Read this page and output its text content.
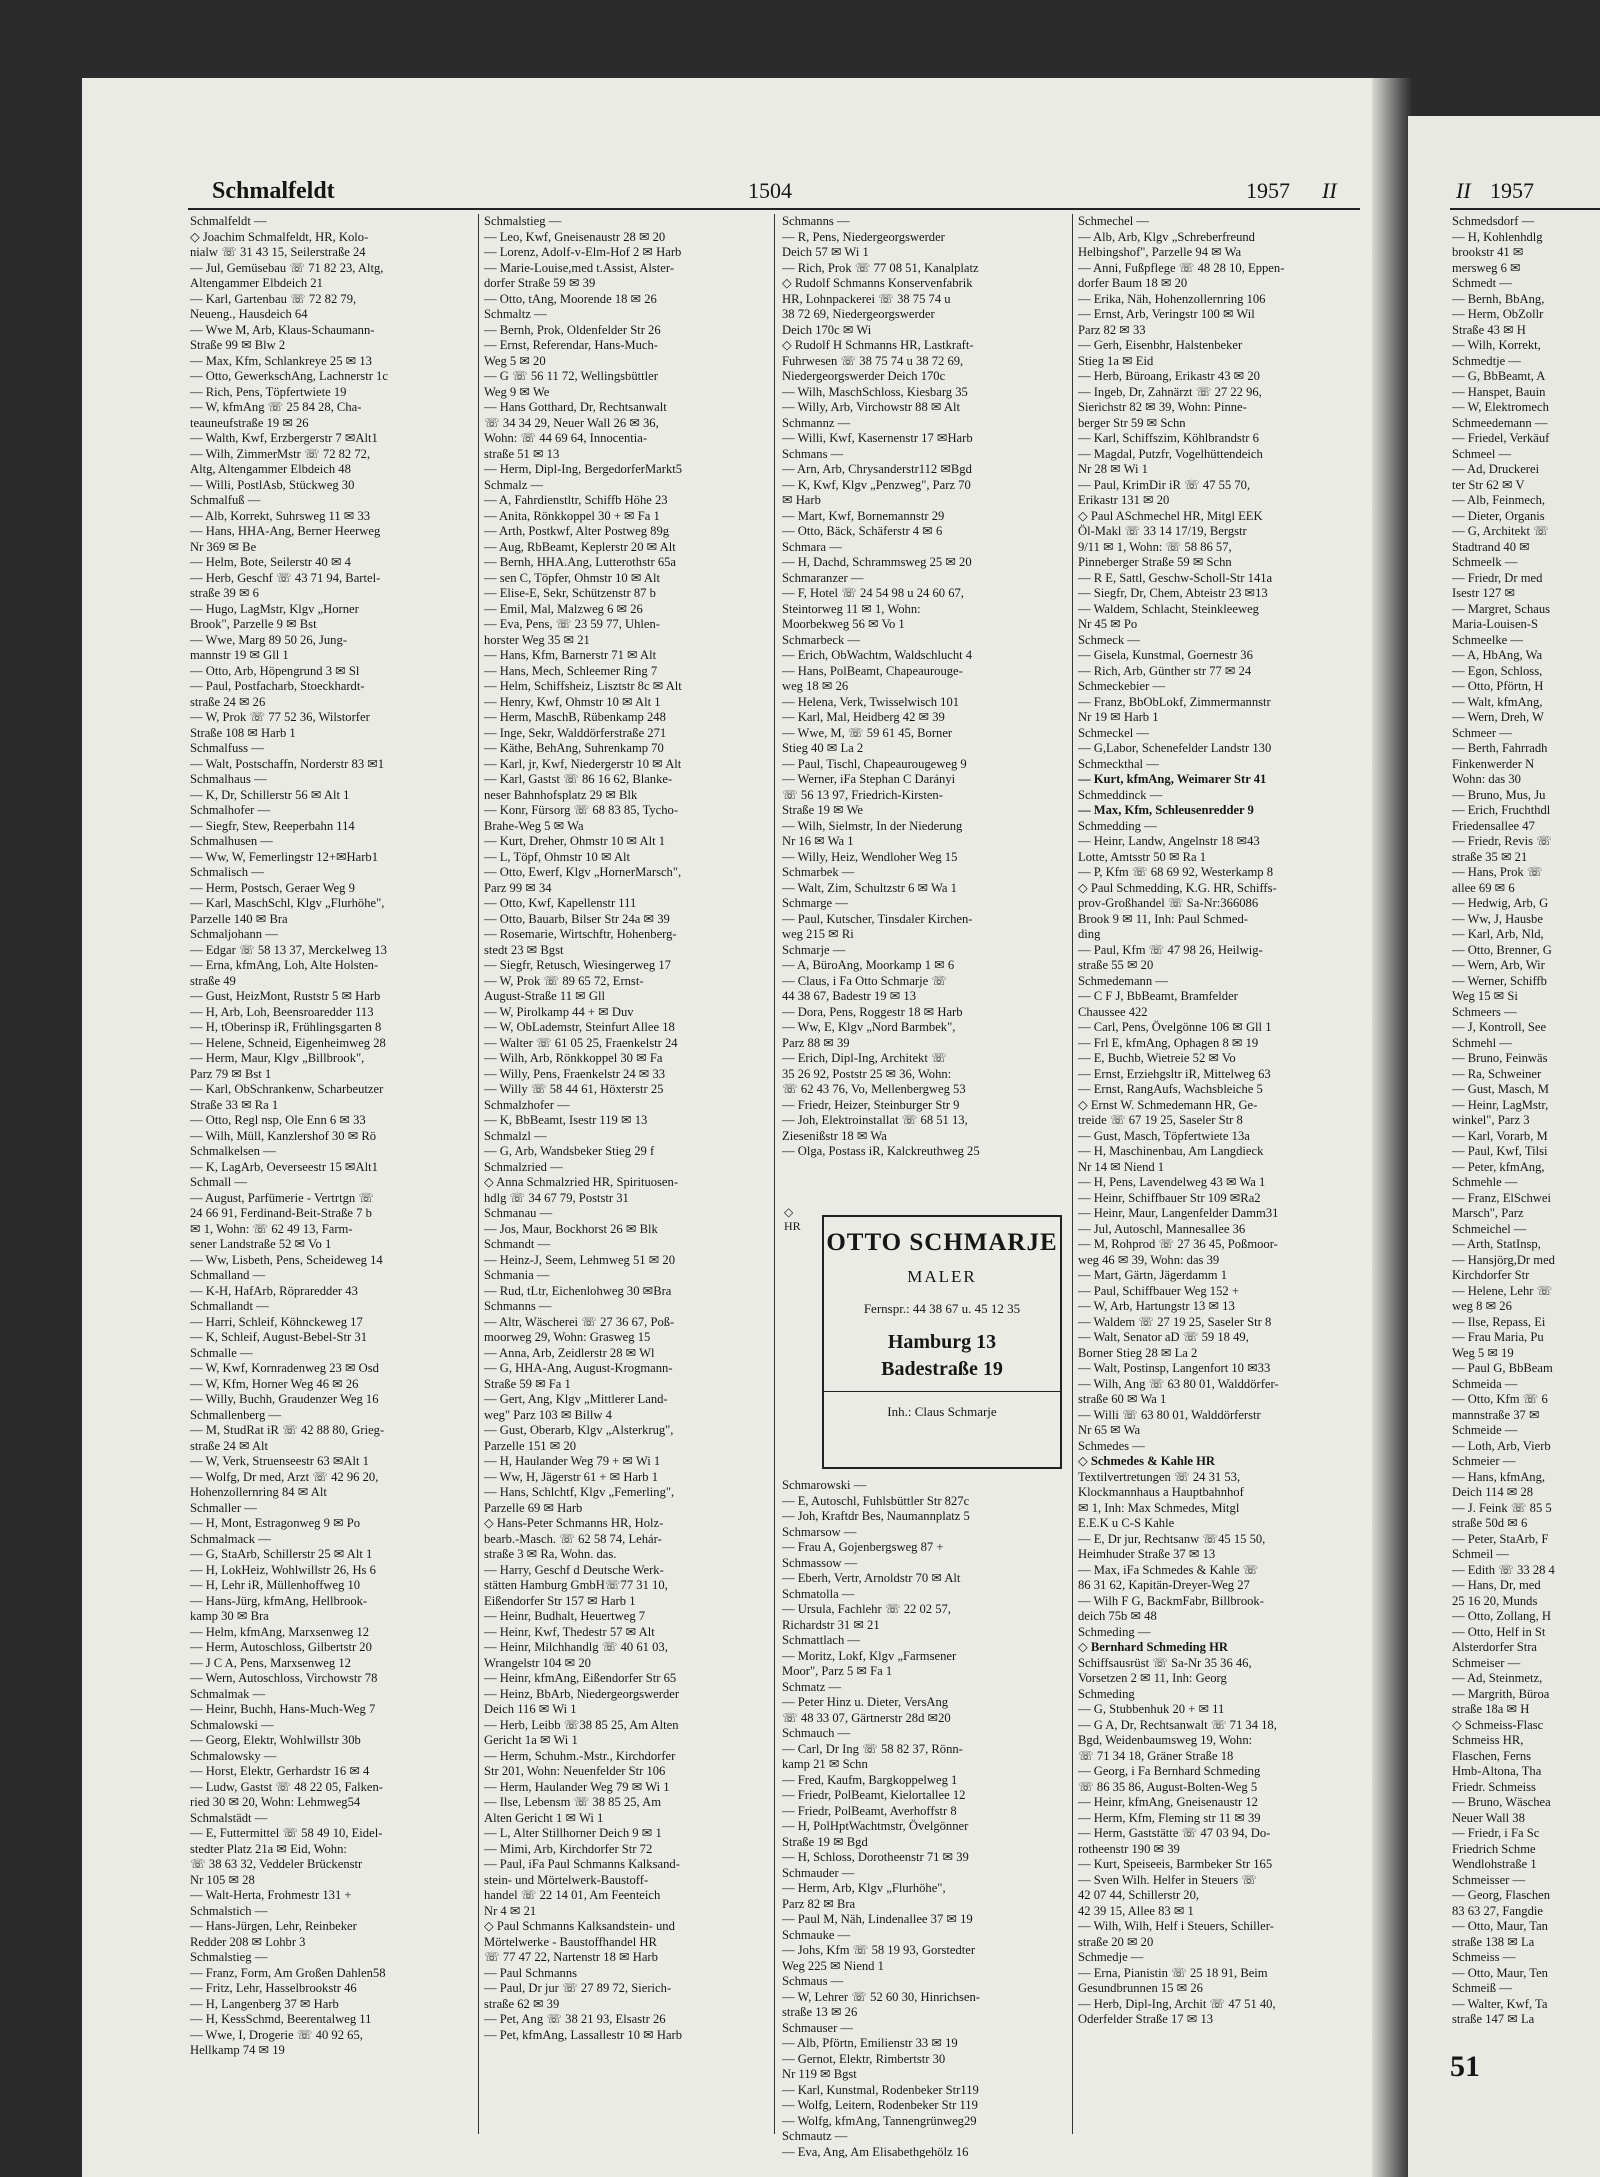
Schmalfeldt	1504	1957 II	II 1957
Schmalfeldt —
◇ Joachim Schmalfeldt, HR, Kolo-
nialw ☏ 31 43 15, Seilerstraße 24
— Jul, Gemüsebau ☏ 71 82 23, Altg,
Altengammer Elbdeich 21
— Karl, Gartenbau ☏ 72 82 79,
Neueng., Hausdeich 64
— Wwe M, Arb, Klaus-Schaumann-
Straße 99 ✉ Blw 2
— Max, Kfm, Schlankreye 25 ✉ 13
— Otto, GewerkschAng, Lachnerstr 1c
— Rich, Pens, Töpfertwiete 19
— W, kfmAng ☏ 25 84 28, Cha-
teauneufstraße 19 ✉ 26
— Walth, Kwf, Erzbergerstr 7 ✉Alt1
— Wilh, ZimmerMstr ☏ 72 82 72,
Altg, Altengammer Elbdeich 48
— Willi, PostlAsb, Stückweg 30
Schmalfuß —
— Alb, Korrekt, Suhrsweg 11 ✉ 33
— Hans, HHA-Ang, Berner Heerweg
Nr 369 ✉ Be
— Helm, Bote, Seilerstr 40 ✉ 4
— Herb, Geschf ☏ 43 71 94, Bartel-
straße 39 ✉ 6
— Hugo, LagMstr, Klgv „Horner
Brook", Parzelle 9 ✉ Bst
— Wwe, Marg 89 50 26, Jung-
mannstr 19 ✉ Gll 1
— Otto, Arb, Höpengrund 3 ✉ Sl
— Paul, Postfacharb, Stoeckhardt-
straße 24 ✉ 26
— W, Prok ☏ 77 52 36, Wilstorfer
Straße 108 ✉ Harb 1
Schmalfuss —
— Walt, Postschaffn, Norderstr 83 ✉1
Schmalhaus —
— K, Dr, Schillerstr 56 ✉ Alt 1
Schmalhofer —
— Siegfr, Stew, Reeperbahn 114
Schmalhusen —
— Ww, W, Femerlingstr 12+✉Harb1
Schmalisch —
— Herm, Postsch, Geraer Weg 9
— Karl, MaschSchl, Klgv „Flurhöhe",
Parzelle 140 ✉ Bra
Schmaljohann —
— Edgar ☏ 58 13 37, Merckelweg 13
— Erna, kfmAng, Loh, Alte Holsten-
straße 49
— Gust, HeizMont, Ruststr 5 ✉ Harb
— H, Arb, Loh, Beensroaredder 113
— H, tOberinsp iR, Frühlingsgarten 8
— Helene, Schneid, Eigenheimweg 28
— Herm, Maur, Klgv „Billbrook",
Parz 79 ✉ Bst 1
— Karl, ObSchrankenw, Scharbeutzer
Straße 33 ✉ Ra 1
— Otto, Regl nsp, Ole Enn 6 ✉ 33
— Wilh, Müll, Kanzlershof 30 ✉ Rö
Schmalkelsen —
— K, LagArb, Oeverseestr 15 ✉Alt1
Schmall —
— August, Parfümerie - Vertrtgn ☏
24 66 91, Ferdinand-Beit-Straße 7 b
✉ 1, Wohn: ☏ 62 49 13, Farm-
sener Landstraße 52 ✉ Vo 1
— Ww, Lisbeth, Pens, Scheideweg 14
Schmalland —
— K-H, HafArb, Röpraredder 43
Schmallandt —
— Harri, Schleif, Köhnckeweg 17
— K, Schleif, August-Bebel-Str 31
Schmalle —
— W, Kwf, Kornradenweg 23 ✉ Osd
— W, Kfm, Horner Weg 46 ✉ 26
— Willy, Buchh, Graudenzer Weg 16
Schmallenberg —
— M, StudRat iR ☏ 42 88 80, Grieg-
straße 24 ✉ Alt
— W, Verk, Struenseestr 63 ✉Alt 1
— Wolfg, Dr med, Arzt ☏ 42 96 20,
Hohenzollernring 84 ✉ Alt
Schmaller —
— H, Mont, Estragonweg 9 ✉ Po
Schmalmack —
— G, StaArb, Schillerstr 25 ✉ Alt 1
— H, LokHeiz, Wohlwillstr 26, Hs 6
— H, Lehr iR, Müllenhoffweg 10
— Hans-Jürg, kfmAng, Hellbrook-
kamp 30 ✉ Bra
— Helm, kfmAng, Marxsenweg 12
— Herm, Autoschloss, Gilbertstr 20
— J C A, Pens, Marxsenweg 12
— Wern, Autoschloss, Virchowstr 78
Schmalmak —
— Heinr, Buchh, Hans-Much-Weg 7
Schmalowski —
— Georg, Elektr, Wohlwillstr 30b
Schmalowsky —
— Horst, Elektr, Gerhardstr 16 ✉ 4
— Ludw, Gastst ☏ 48 22 05, Falken-
ried 30 ✉ 20, Wohn: Lehmweg54
Schmalstädt —
— E, Futtermittel ☏ 58 49 10, Eidel-
stedter Platz 21a ✉ Eid, Wohn:
☏ 38 63 32, Veddeler Brückenstr
Nr 105 ✉ 28
— Walt-Herta, Frohmestr 131 +
Schmalstich —
— Hans-Jürgen, Lehr, Reinbeker
Redder 208 ✉ Lohbr 3
Schmalstieg —
— Franz, Form, Am Großen Dahlen58
— Fritz, Lehr, Hasselbrookstr 46
— H, Langenberg 37 ✉ Harb
— H, KessSchmd, Beerentalweg 11
— Wwe, I, Drogerie ☏ 40 92 65,
Hellkamp 74 ✉ 19
Schmalstieg —
— Leo, Kwf, Gneisenaustr 28 ✉ 20
— Lorenz, Adolf-v-Elm-Hof 2 ✉ Harb
— Marie-Louise,med t.Assist, Alster-
dorfer Straße 59 ✉ 39
— Otto, tAng, Moorende 18 ✉ 26
Schmaltz —
— Bernh, Prok, Oldenfelder Str 26
— Ernst, Referendar, Hans-Much-
Weg 5 ✉ 20
— G ☏ 56 11 72, Wellingsbüttler
Weg 9 ✉ We
— Hans Gotthard, Dr, Rechtsanwalt
☏ 34 34 29, Neuer Wall 26 ✉ 36,
Wohn: ☏ 44 69 64, Innocentia-
straße 51 ✉ 13
— Herm, Dipl-Ing, BergedorferMarkt5
Schmalz —
— A, Fahrdienstltr, Schiffb Höhe 23
— Anita, Rönkkoppel 30 + ✉ Fa 1
— Arth, Postkwf, Alter Postweg 89g
— Aug, RbBeamt, Keplerstr 20 ✉ Alt
— Bernh, HHA.Ang, Lutterothstr 65a
— sen C, Töpfer, Ohmstr 10 ✉ Alt
— Elise-E, Sekr, Schützenstr 87 b
— Emil, Mal, Malzweg 6 ✉ 26
— Eva, Pens, ☏ 23 59 77, Uhlen-
horster Weg 35 ✉ 21
— Hans, Kfm, Barnerstr 71 ✉ Alt
— Hans, Mech, Schleemer Ring 7
— Helm, Schiffsheiz, Lisztstr 8c ✉ Alt
— Henry, Kwf, Ohmstr 10 ✉ Alt 1
— Herm, MaschB, Rübenkamp 248
— Inge, Sekr, Walddörferstraße 271
— Käthe, BehAng, Suhrenkamp 70
— Karl, jr, Kwf, Niedergerstr 10 ✉ Alt
— Karl, Gastst ☏ 86 16 62, Blanke-
neser Bahnhofsplatz 29 ✉ Blk
— Konr, Fürsorg ☏ 68 83 85, Tycho-
Brahe-Weg 5 ✉ Wa
— Kurt, Dreher, Ohmstr 10 ✉ Alt 1
— L, Töpf, Ohmstr 10 ✉ Alt
— Otto, Ewerf, Klgv „HornerMarsch",
Parz 99 ✉ 34
— Otto, Kwf, Kapellenstr 111
— Otto, Bauarb, Bilser Str 24a ✉ 39
— Rosemarie, Wirtschftr, Hohenberg-
stedt 23 ✉ Bgst
— Siegfr, Retusch, Wiesingerweg 17
— W, Prok ☏ 89 65 72, Ernst-
August-Straße 11 ✉ Gll
— W, Pirolkamp 44 + ✉ Duv
— W, ObLademstr, Steinfurt Allee 18
— Walter ☏ 61 05 25, Fraenkelstr 24
— Wilh, Arb, Rönkkoppel 30 ✉ Fa
— Willy, Pens, Fraenkelstr 24 ✉ 33
— Willy ☏ 58 44 61, Höxterstr 25
Schmalzhofer —
— K, BbBeamt, Isestr 119 ✉ 13
Schmalzl —
— G, Arb, Wandsbeker Stieg 29 f
Schmalzried —
◇ Anna Schmalzried HR, Spirituosen-
hdlg ☏ 34 67 79, Poststr 31
Schmanau —
— Jos, Maur, Bockhorst 26 ✉ Blk
Schmandt —
— Heinz-J, Seem, Lehmweg 51 ✉ 20
Schmania —
— Rud, tLtr, Eichenlohweg 30 ✉Bra
Schmanns —
— Altr, Wäscherei ☏ 27 36 67, Poß-
moorweg 29, Wohn: Grasweg 15
— Anna, Arb, Zeidlerstr 28 ✉ Wl
— G, HHA-Ang, August-Krogmann-
Straße 59 ✉ Fa 1
— Gert, Ang, Klgv „Mittlerer Land-
weg" Parz 103 ✉ Billw 4
— Gust, Oberarb, Klgv „Alsterkrug",
Parzelle 151 ✉ 20
— H, Haulander Weg 79 + ✉ Wi 1
— Ww, H, Jägerstr 61 + ✉ Harb 1
— Hans, Schlchtf, Klgv „Femerling",
Parzelle 69 ✉ Harb
◇ Hans-Peter Schmanns HR, Holz-
bearb.-Masch. ☏ 62 58 74, Lehár-
straße 3 ✉ Ra, Wohn. das.
— Harry, Geschf d Deutsche Werk-
stätten Hamburg GmbH☏77 31 10,
Eißendorfer Str 157 ✉ Harb 1
— Heinr, Budhalt, Heuertweg 7
— Heinr, Kwf, Thedestr 57 ✉ Alt
— Heinr, Milchhandlg ☏ 40 61 03,
Wrangelstr 104 ✉ 20
— Heinr, kfmAng, Eißendorfer Str 65
— Heinz, BbArb, Niedergeorgswerder
Deich 116 ✉ Wi 1
— Herb, Leibb ☏38 85 25, Am Alten
Gericht 1a ✉ Wi 1
— Herm, Schuhm.-Mstr., Kirchdorfer
Str 201, Wohn: Neuenfelder Str 106
— Herm, Haulander Weg 79 ✉ Wi 1
— Ilse, Lebensm ☏ 38 85 25, Am
Alten Gericht 1 ✉ Wi 1
— L, Alter Stillhorner Deich 9 ✉ 1
— Mimi, Arb, Kirchdorfer Str 72
— Paul, iFa Paul Schmanns Kalksand-
stein- und Mörtelwerk-Baustoff-
handel ☏ 22 14 01, Am Feenteich
Nr 4 ✉ 21
◇ Paul Schmanns Kalksandstein- und
Mörtelwerke - Baustoffhandel HR
☏ 77 47 22, Nartenstr 18 ✉ Harb
— Paul Schmanns
— Paul, Dr jur ☏ 27 89 72, Sierich-
straße 62 ✉ 39
— Pet, Ang ☏ 38 21 93, Elsastr 26
— Pet, kfmAng, Lassallestr 10 ✉ Harb
Schmanns —
— R, Pens, Niedergeorgswerder
Deich 57 ✉ Wi 1
— Rich, Prok ☏ 77 08 51, Kanalplatz
◇ Rudolf Schmanns Konservenfabrik
HR, Lohnpackerei ☏ 38 75 74 u
38 72 69, Niedergeorgswerder
Deich 170c ✉ Wi
◇ Rudolf H Schmanns HR, Lastkraft-
Fuhrwesen ☏ 38 75 74 u 38 72 69,
Niedergeorgswerder Deich 170c
— Wilh, MaschSchloss, Kiesbarg 35
— Willy, Arb, Virchowstr 88 ✉ Alt
Schmannz —
— Willi, Kwf, Kasernenstr 17 ✉Harb
Schmans —
— Arn, Arb, Chrysanderstr112 ✉Bgd
— K, Kwf, Klgv „Penzweg", Parz 70
✉ Harb
— Mart, Kwf, Bornemannstr 29
— Otto, Bäck, Schäferstr 4 ✉ 6
Schmara —
— H, Dachd, Schrammsweg 25 ✉ 20
Schmaranzer —
— F, Hotel ☏ 24 54 98 u 24 60 67,
Steintorweg 11 ✉ 1, Wohn:
Moorbekweg 56 ✉ Vo 1
Schmarbeck —
— Erich, ObWachtm, Waldschlucht 4
— Hans, PolBeamt, Chapeaurouge-
weg 18 ✉ 26
— Helena, Verk, Twisselwisch 101
— Karl, Mal, Heidberg 42 ✉ 39
— Wwe, M, ☏ 59 61 45, Borner
Stieg 40 ✉ La 2
— Paul, Tischl, Chapeaurougeweg 9
— Werner, iFa Stephan C Darányi
☏ 56 13 97, Friedrich-Kirsten-
Straße 19 ✉ We
— Wilh, Sielmstr, In der Niederung
Nr 16 ✉ Wa 1
— Willy, Heiz, Wendloher Weg 15
Schmarbek —
— Walt, Zim, Schultzstr 6 ✉ Wa 1
Schmarge —
— Paul, Kutscher, Tinsdaler Kirchen-
weg 215 ✉ Ri
Schmarje —
— A, BüroAng, Moorkamp 1 ✉ 6
— Claus, i Fa Otto Schmarje ☏
44 38 67, Badestr 19 ✉ 13
— Dora, Pens, Roggestr 18 ✉ Harb
— Ww, E, Klgv „Nord Barmbek",
Parz 88 ✉ 39
— Erich, Dipl-Ing, Architekt ☏
35 26 92, Poststr 25 ✉ 36, Wohn:
☏ 62 43 76, Vo, Mellenbergweg 53
— Friedr, Heizer, Steinburger Str 9
— Joh, Elektroinstallat ☏ 68 51 13,
Ziesenißstr 18 ✉ Wa
— Olga, Postass iR, Kalckreuthweg 25
Schmarowski —
— E, Autoschl, Fuhlsbüttler Str 827c
— Joh, Kraftdr Bes, Naumannplatz 5
Schmarsow —
— Frau A, Gojenbergsweg 87 +
Schmassow —
— Eberh, Vertr, Arnoldstr 70 ✉ Alt
Schmatolla —
— Ursula, Fachlehr ☏ 22 02 57,
Richardstr 31 ✉ 21
Schmattlach —
— Moritz, Lokf, Klgv „Farmsener
Moor", Parz 5 ✉ Fa 1
Schmatz —
— Peter Hinz u. Dieter, VersAng
☏ 48 33 07, Gärtnerstr 28d ✉20
Schmauch —
— Carl, Dr Ing ☏ 58 82 37, Rönn-
kamp 21 ✉ Schn
— Fred, Kaufm, Bargkoppelweg 1
— Friedr, PolBeamt, Kielortallee 12
— Friedr, PolBeamt, Averhoffstr 8
— H, PolHptWachtmstr, Övelgönner
Straße 19 ✉ Bgd
— H, Schloss, Dorotheenstr 71 ✉ 39
Schmauder —
— Herm, Arb, Klgv „Flurhöhe",
Parz 82 ✉ Bra
— Paul M, Näh, Lindenallee 37 ✉ 19
Schmauke —
— Johs, Kfm ☏ 58 19 93, Gorstedter
Weg 225 ✉ Niend 1
Schmaus —
— W, Lehrer ☏ 52 60 30, Hinrichsen-
straße 13 ✉ 26
Schmauser —
— Alb, Pförtn, Emilienstr 33 ✉ 19
— Gernot, Elektr, Rimbertstr 30
Nr 119 ✉ Bgst
— Karl, Kunstmal, Rodenbeker Str119
— Wolfg, Leitern, Rodenbeker Str 119
— Wolfg, kfmAng, Tannengrünweg29
Schmautz —
— Eva, Ang, Am Elisabethgehölz 16
Schmechel —
— Alb, Arb, Klgv „Schreberfreund
Helbingshof", Parzelle 94 ✉ Wa
— Anni, Fußpflege ☏ 48 28 10, Eppen-
dorfer Baum 18 ✉ 20
— Erika, Näh, Hohenzollernring 106
— Ernst, Arb, Veringstr 100 ✉ Wil
Parz 82 ✉ 33
— Gerh, Eisenbhr, Halstenbeker
Stieg 1a ✉ Eid
— Herb, Büroang, Erikastr 43 ✉ 20
— Ingeb, Dr, Zahnärzt ☏ 27 22 96,
Sierichstr 82 ✉ 39, Wohn: Pinne-
berger Str 59 ✉ Schn
— Karl, Schiffszim, Köhlbrandstr 6
— Magdal, Putzfr, Vogelhüttendeich
Nr 28 ✉ Wi 1
— Paul, KrimDir iR ☏ 47 55 70,
Erikastr 131 ✉ 20
◇ Paul ASchmechel HR, Mitgl EEK
Öl-Makl ☏ 33 14 17/19, Bergstr
9/11 ✉ 1, Wohn: ☏ 58 86 57,
Pinneberger Straße 59 ✉ Schn
— R E, Sattl, Geschw-Scholl-Str 141a
— Siegfr, Dr, Chem, Abteistr 23 ✉13
— Waldem, Schlacht, Steinkleeweg
Nr 45 ✉ Po
Schmeck —
— Gisela, Kunstmal, Goernestr 36
— Rich, Arb, Günther str 77 ✉ 24
Schmeckebier —
— Franz, BbObLokf, Zimmermannstr
Nr 19 ✉ Harb 1
Schmeckel —
— G,Labor, Schenefelder Landstr 130
Schmeckthal —
— Kurt, kfmAng, Weimarer Str 41
Schmeddinck —
— Max, Kfm, Schleusenredder 9
Schmedding —
— Heinr, Landw, Angelnstr 18 ✉43
Lotte, Amtsstr 50 ✉ Ra 1
— P, Kfm ☏ 68 69 92, Westerkamp 8
◇ Paul Schmedding, K.G. HR, Schiffs-
prov-Großhandel ☏ Sa-Nr:366086
Brook 9 ✉ 11, Inh: Paul Schmed-
ding
— Paul, Kfm ☏ 47 98 26, Heilwig-
straße 55 ✉ 20
Schmedemann —
— C F J, BbBeamt, Bramfelder
Chaussee 422
— Carl, Pens, Övelgönne 106 ✉ Gll 1
— Frl E, kfmAng, Ophagen 8 ✉ 19
— E, Buchb, Wietreie 52 ✉ Vo
— Ernst, Erziehgsltr iR, Mittelweg 63
— Ernst, RangAufs, Wachsbleiche 5
◇ Ernst W. Schmedemann HR, Ge-
treide ☏ 67 19 25, Saseler Str 8
— Gust, Masch, Töpfertwiete 13a
— H, Maschinenbau, Am Langdieck
Nr 14 ✉ Niend 1
— H, Pens, Lavendelweg 43 ✉ Wa 1
— Heinr, Schiffbauer Str 109 ✉Ra2
— Heinr, Maur, Langenfelder Damm31
— Jul, Autoschl, Mannesallee 36
— M, Rohprod ☏ 27 36 45, Poßmoor-
weg 46 ✉ 39, Wohn: das 39
— Mart, Gärtn, Jägerdamm 1
— Paul, Schiffbauer Weg 152 +
— W, Arb, Hartungstr 13 ✉ 13
— Waldem ☏ 27 19 25, Saseler Str 8
— Walt, Senator aD ☏ 59 18 49,
Borner Stieg 28 ✉ La 2
— Walt, Postinsp, Langenfort 10 ✉33
— Wilh, Ang ☏ 63 80 01, Walddörfer-
straße 60 ✉ Wa 1
— Willi ☏ 63 80 01, Walddörferstr
Nr 65 ✉ Wa
Schmedes —
◇ Schmedes & Kahle HR
Textilvertretungen ☏ 24 31 53,
Klockmannhaus a Hauptbahnhof
✉ 1, Inh: Max Schmedes, Mitgl
E.E.K u C-S Kahle
— E, Dr jur, Rechtsanw ☏45 15 50,
Heimhuder Straße 37 ✉ 13
— Max, iFa Schmedes & Kahle ☏
86 31 62, Kapitän-Dreyer-Weg 27
— Wilh F G, BackmFabr, Billbrook-
deich 75b ✉ 48
Schmeding —
◇ Bernhard Schmeding HR
Schiffsausrüst ☏ Sa-Nr 35 36 46,
Vorsetzen 2 ✉ 11, Inh: Georg
Schmeding
— G, Stubbenhuk 20 + ✉ 11
— G A, Dr, Rechtsanwalt ☏ 71 34 18,
Bgd, Weidenbaumsweg 19, Wohn:
☏ 71 34 18, Gräner Straße 18
— Georg, i Fa Bernhard Schmeding
☏ 86 35 86, August-Bolten-Weg 5
— Heinr, kfmAng, Gneisenaustr 12
— Herm, Kfm, Fleming str 11 ✉ 39
— Herm, Gaststätte ☏ 47 03 94, Do-
rotheenstr 190 ✉ 39
— Kurt, Speiseeis, Barmbeker Str 165
— Sven Wilh. Helfer in Steuers ☏
42 07 44, Schillerstr 20,
42 39 15, Allee 83 ✉ 1
— Wilh, Wilh, Helf i Steuers, Schiller-
straße 20 ✉ 20
Schmedje —
— Erna, Pianistin ☏ 25 18 91, Beim
Gesundbrunnen 15 ✉ 26
— Herb, Dipl-Ing, Archit ☏ 47 51 40,
Oderfelder Straße 17 ✉ 13
◇
HR
OTTO SCHMARJE
MALER
Fernspr.: 44 38 67 u. 45 12 35
Hamburg 13
Badestraße 19
Inh.: Claus Schmarje
Schmedsdorf —
— H, Kohlenhdlg
brookstr 41 ✉
mersweg 6 ✉
Schmedt —
— Bernh, BbAng,
— Herm, ObZollr
Straße 43 ✉ H
— Wilh, Korrekt,
Schmedtje —
— G, BbBeamt, A
— Hanspet, Bauin
— W, Elektromech
Schmeedemann —
— Friedel, Verkäuf
Schmeel —
— Ad, Druckerei
ter Str 62 ✉ V
— Alb, Feinmech,
— Dieter, Organis
— G, Architekt ☏
Stadtrand 40 ✉
Schmeelk —
— Friedr, Dr med
Isestr 127 ✉
— Margret, Schaus
Maria-Louisen-S
Schmeelke —
— A, HbAng, Wa
— Egon, Schloss,
— Otto, Pförtn, H
— Walt, kfmAng,
— Wern, Dreh, W
Schmeer —
— Berth, Fahrradh
Finkenwerder N
Wohn: das 30
— Bruno, Mus, Ju
— Erich, Fruchthdl
Friedensallee 47
— Friedr, Revis ☏
straße 35 ✉ 21
— Hans, Prok ☏
allee 69 ✉ 6
— Hedwig, Arb, G
— Ww, J, Hausbe
— Karl, Arb, Nld,
— Otto, Brenner, G
— Wern, Arb, Wir
— Werner, Schiffb
Weg 15 ✉ Si
Schmeers —
— J, Kontroll, See
Schmehl —
— Bruno, Feinwäs
— Ra, Schweiner
— Gust, Masch, M
— Heinr, LagMstr,
winkel", Parz 3
— Karl, Vorarb, M
— Paul, Kwf, Tilsi
— Peter, kfmAng,
Schmehle —
— Franz, ElSchwei
Marsch", Parz
Schmeichel —
— Arth, StatInsp,
— Hansjörg,Dr med
Kirchdorfer Str
— Helene, Lehr ☏
weg 8 ✉ 26
— Ilse, Repass, Ei
— Frau Maria, Pu
Weg 5 ✉ 19
— Paul G, BbBeam
Schmeida —
— Otto, Kfm ☏ 6
mannstraße 37 ✉
Schmeide —
— Loth, Arb, Vierb
Schmeier —
— Hans, kfmAng,
Deich 114 ✉ 28
— J. Feink ☏ 85 5
straße 50d ✉ 6
— Peter, StaArb, F
Schmeil —
— Edith ☏ 33 28 4
— Hans, Dr, med
25 16 20, Munds
— Otto, Zollang, H
— Otto, Helf in St
Alsterdorfer Stra
Schmeiser —
— Ad, Steinmetz,
— Margrith, Büroa
straße 18a ✉ H
◇ Schmeiss-Flasc
Schmeiss HR,
Flaschen, Ferns
Hmb-Altona, Tha
Friedr. Schmeiss
— Bruno, Wäschea
Neuer Wall 38
— Friedr, i Fa Sc
Friedrich Schme
Wendlohstraße 1
Schmeisser —
— Georg, Flaschen
83 63 27, Fangdie
— Otto, Maur, Tan
straße 138 ✉ La
Schmeiss —
— Otto, Maur, Ten
Schmeiß —
— Walter, Kwf, Ta
straße 147 ✉ La
51
